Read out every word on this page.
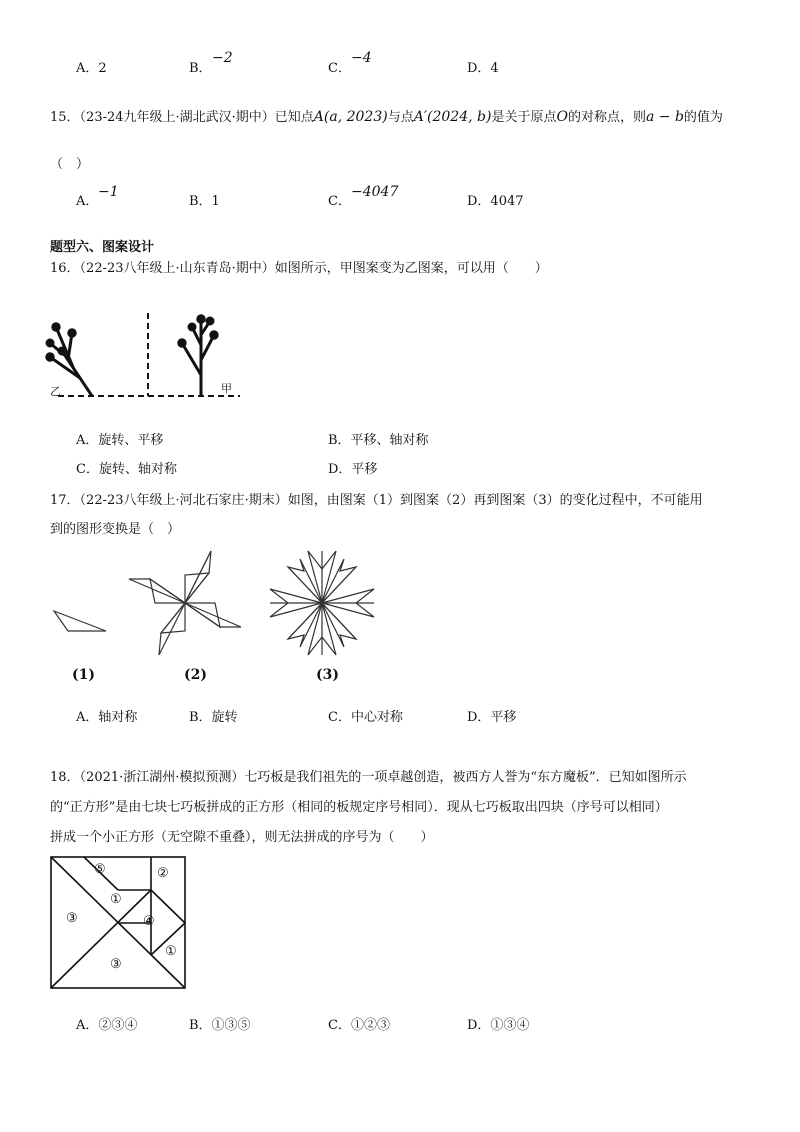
A．2	B．
−2
C．
−4
D．4
15．（23-24九年级上·湖北武汉·期中）已知点A(a, 2023)与点A′(2024, b)是关于原点O的对称点，则a − b的值为
（　）
A．
−1
B．1	C．
−4047
D．4047
题型六、图案设计
16．（22-23八年级上·山东青岛·期中）如图所示，甲图案变为乙图案，可以用（　　）
乙	甲
A．旋转、平移	B．平移、轴对称
C．旋转、轴对称	D．平移
17．（22-23八年级上·河北石家庄·期末）如图，由图案（1）到图案（2）再到图案（3）的变化过程中，不可能用
到的图形变换是（　）
(1)	(2)	(3)
A．轴对称	B．旋转	C．中心对称	D．平移
18．（2021·浙江湖州·模拟预测）七巧板是我们祖先的一项卓越创造，被西方人誉为“东方魔板”．已知如图所示
的“正方形”是由七块七巧板拼成的正方形（相同的板规定序号相同）．现从七巧板取出四块（序号可以相同）
拼成一个小正方形（无空隙不重叠），则无法拼成的序号为（　　）
⑤	②
①
③	④
①
③
A．②③④	B．①③⑤	C．①②③	D．①③④
